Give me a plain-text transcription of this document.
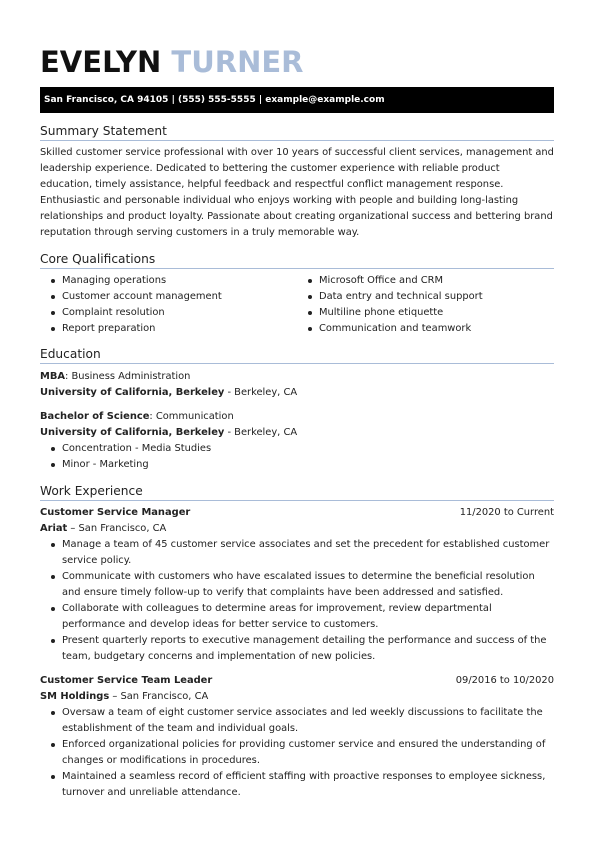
EVELYN TURNER
San Francisco, CA 94105 | (555) 555-5555 | example@example.com
Summary Statement
Skilled customer service professional with over 10 years of successful client services, management and leadership experience. Dedicated to bettering the customer experience with reliable product education, timely assistance, helpful feedback and respectful conflict management response. Enthusiastic and personable individual who enjoys working with people and building long-lasting relationships and product loyalty. Passionate about creating organizational success and bettering brand reputation through serving customers in a truly memorable way.
Core Qualifications
Managing operations
Customer account management
Complaint resolution
Report preparation
Microsoft Office and CRM
Data entry and technical support
Multiline phone etiquette
Communication and teamwork
Education
MBA: Business Administration
University of California, Berkeley - Berkeley, CA
Bachelor of Science: Communication
University of California, Berkeley - Berkeley, CA
Concentration - Media Studies
Minor - Marketing
Work Experience
Customer Service Manager	11/2020 to Current
Ariat – San Francisco, CA
Manage a team of 45 customer service associates and set the precedent for established customer service policy.
Communicate with customers who have escalated issues to determine the beneficial resolution and ensure timely follow-up to verify that complaints have been addressed and satisfied.
Collaborate with colleagues to determine areas for improvement, review departmental performance and develop ideas for better service to customers.
Present quarterly reports to executive management detailing the performance and success of the team, budgetary concerns and implementation of new policies.
Customer Service Team Leader	09/2016 to 10/2020
SM Holdings – San Francisco, CA
Oversaw a team of eight customer service associates and led weekly discussions to facilitate the establishment of the team and individual goals.
Enforced organizational policies for providing customer service and ensured the understanding of changes or modifications in procedures.
Maintained a seamless record of efficient staffing with proactive responses to employee sickness, turnover and unreliable attendance.
